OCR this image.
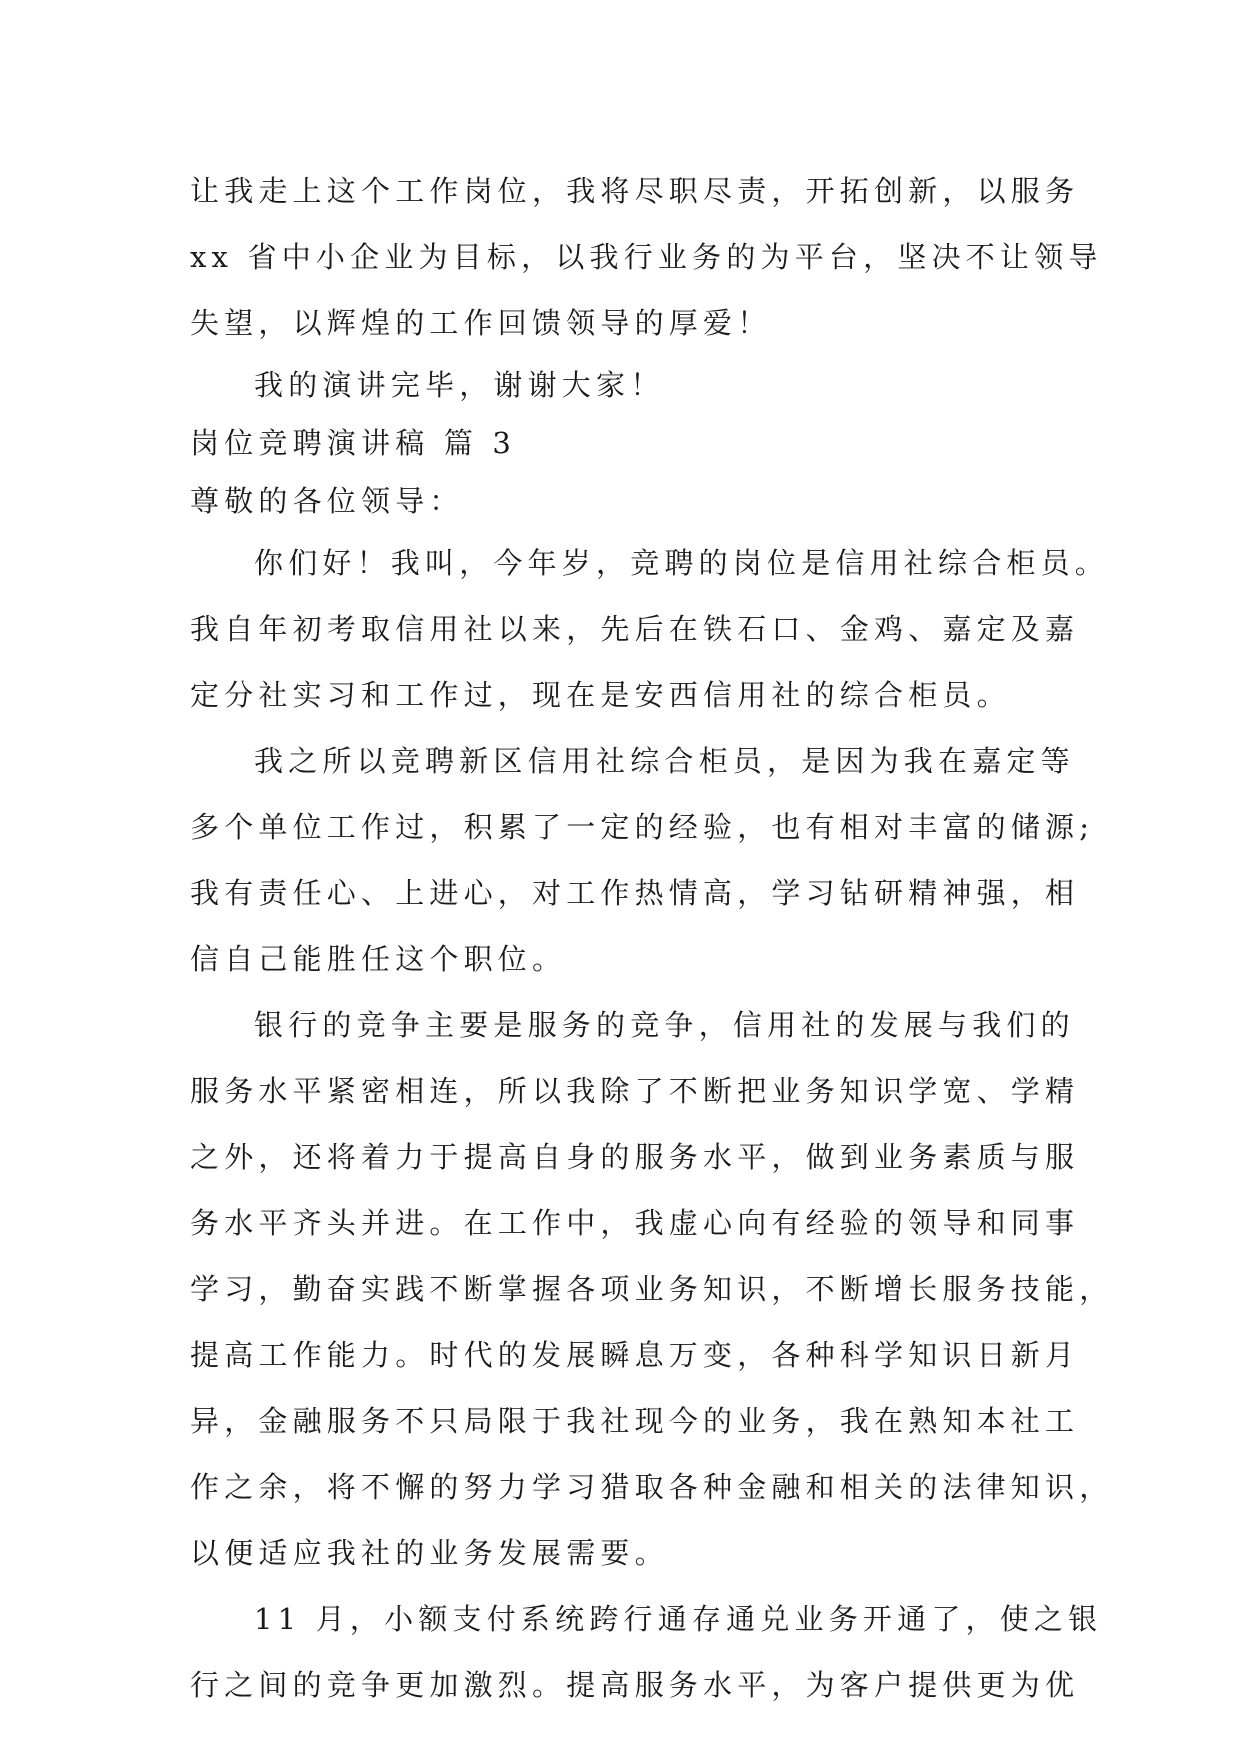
让我走上这个工作岗位，我将尽职尽责，开拓创新，以服务
xx 省中小企业为目标，以我行业务的为平台，坚决不让领导
失望，以辉煌的工作回馈领导的厚爱！
我的演讲完毕，谢谢大家！
岗位竞聘演讲稿 篇 3
尊敬的各位领导：
你们好！我叫，今年岁，竞聘的岗位是信用社综合柜员。
我自年初考取信用社以来，先后在铁石口、金鸡、嘉定及嘉
定分社实习和工作过，现在是安西信用社的综合柜员。
我之所以竞聘新区信用社综合柜员，是因为我在嘉定等
多个单位工作过，积累了一定的经验，也有相对丰富的储源;
我有责任心、上进心，对工作热情高，学习钻研精神强，相
信自己能胜任这个职位。
银行的竞争主要是服务的竞争，信用社的发展与我们的
服务水平紧密相连，所以我除了不断把业务知识学宽、学精
之外，还将着力于提高自身的服务水平，做到业务素质与服
务水平齐头并进。在工作中，我虚心向有经验的领导和同事
学习，勤奋实践不断掌握各项业务知识，不断增长服务技能，
提高工作能力。时代的发展瞬息万变，各种科学知识日新月
异，金融服务不只局限于我社现今的业务，我在熟知本社工
作之余，将不懈的努力学习猎取各种金融和相关的法律知识，
以便适应我社的业务发展需要。
11 月，小额支付系统跨行通存通兑业务开通了，使之银
行之间的竞争更加激烈。提高服务水平，为客户提供更为优
